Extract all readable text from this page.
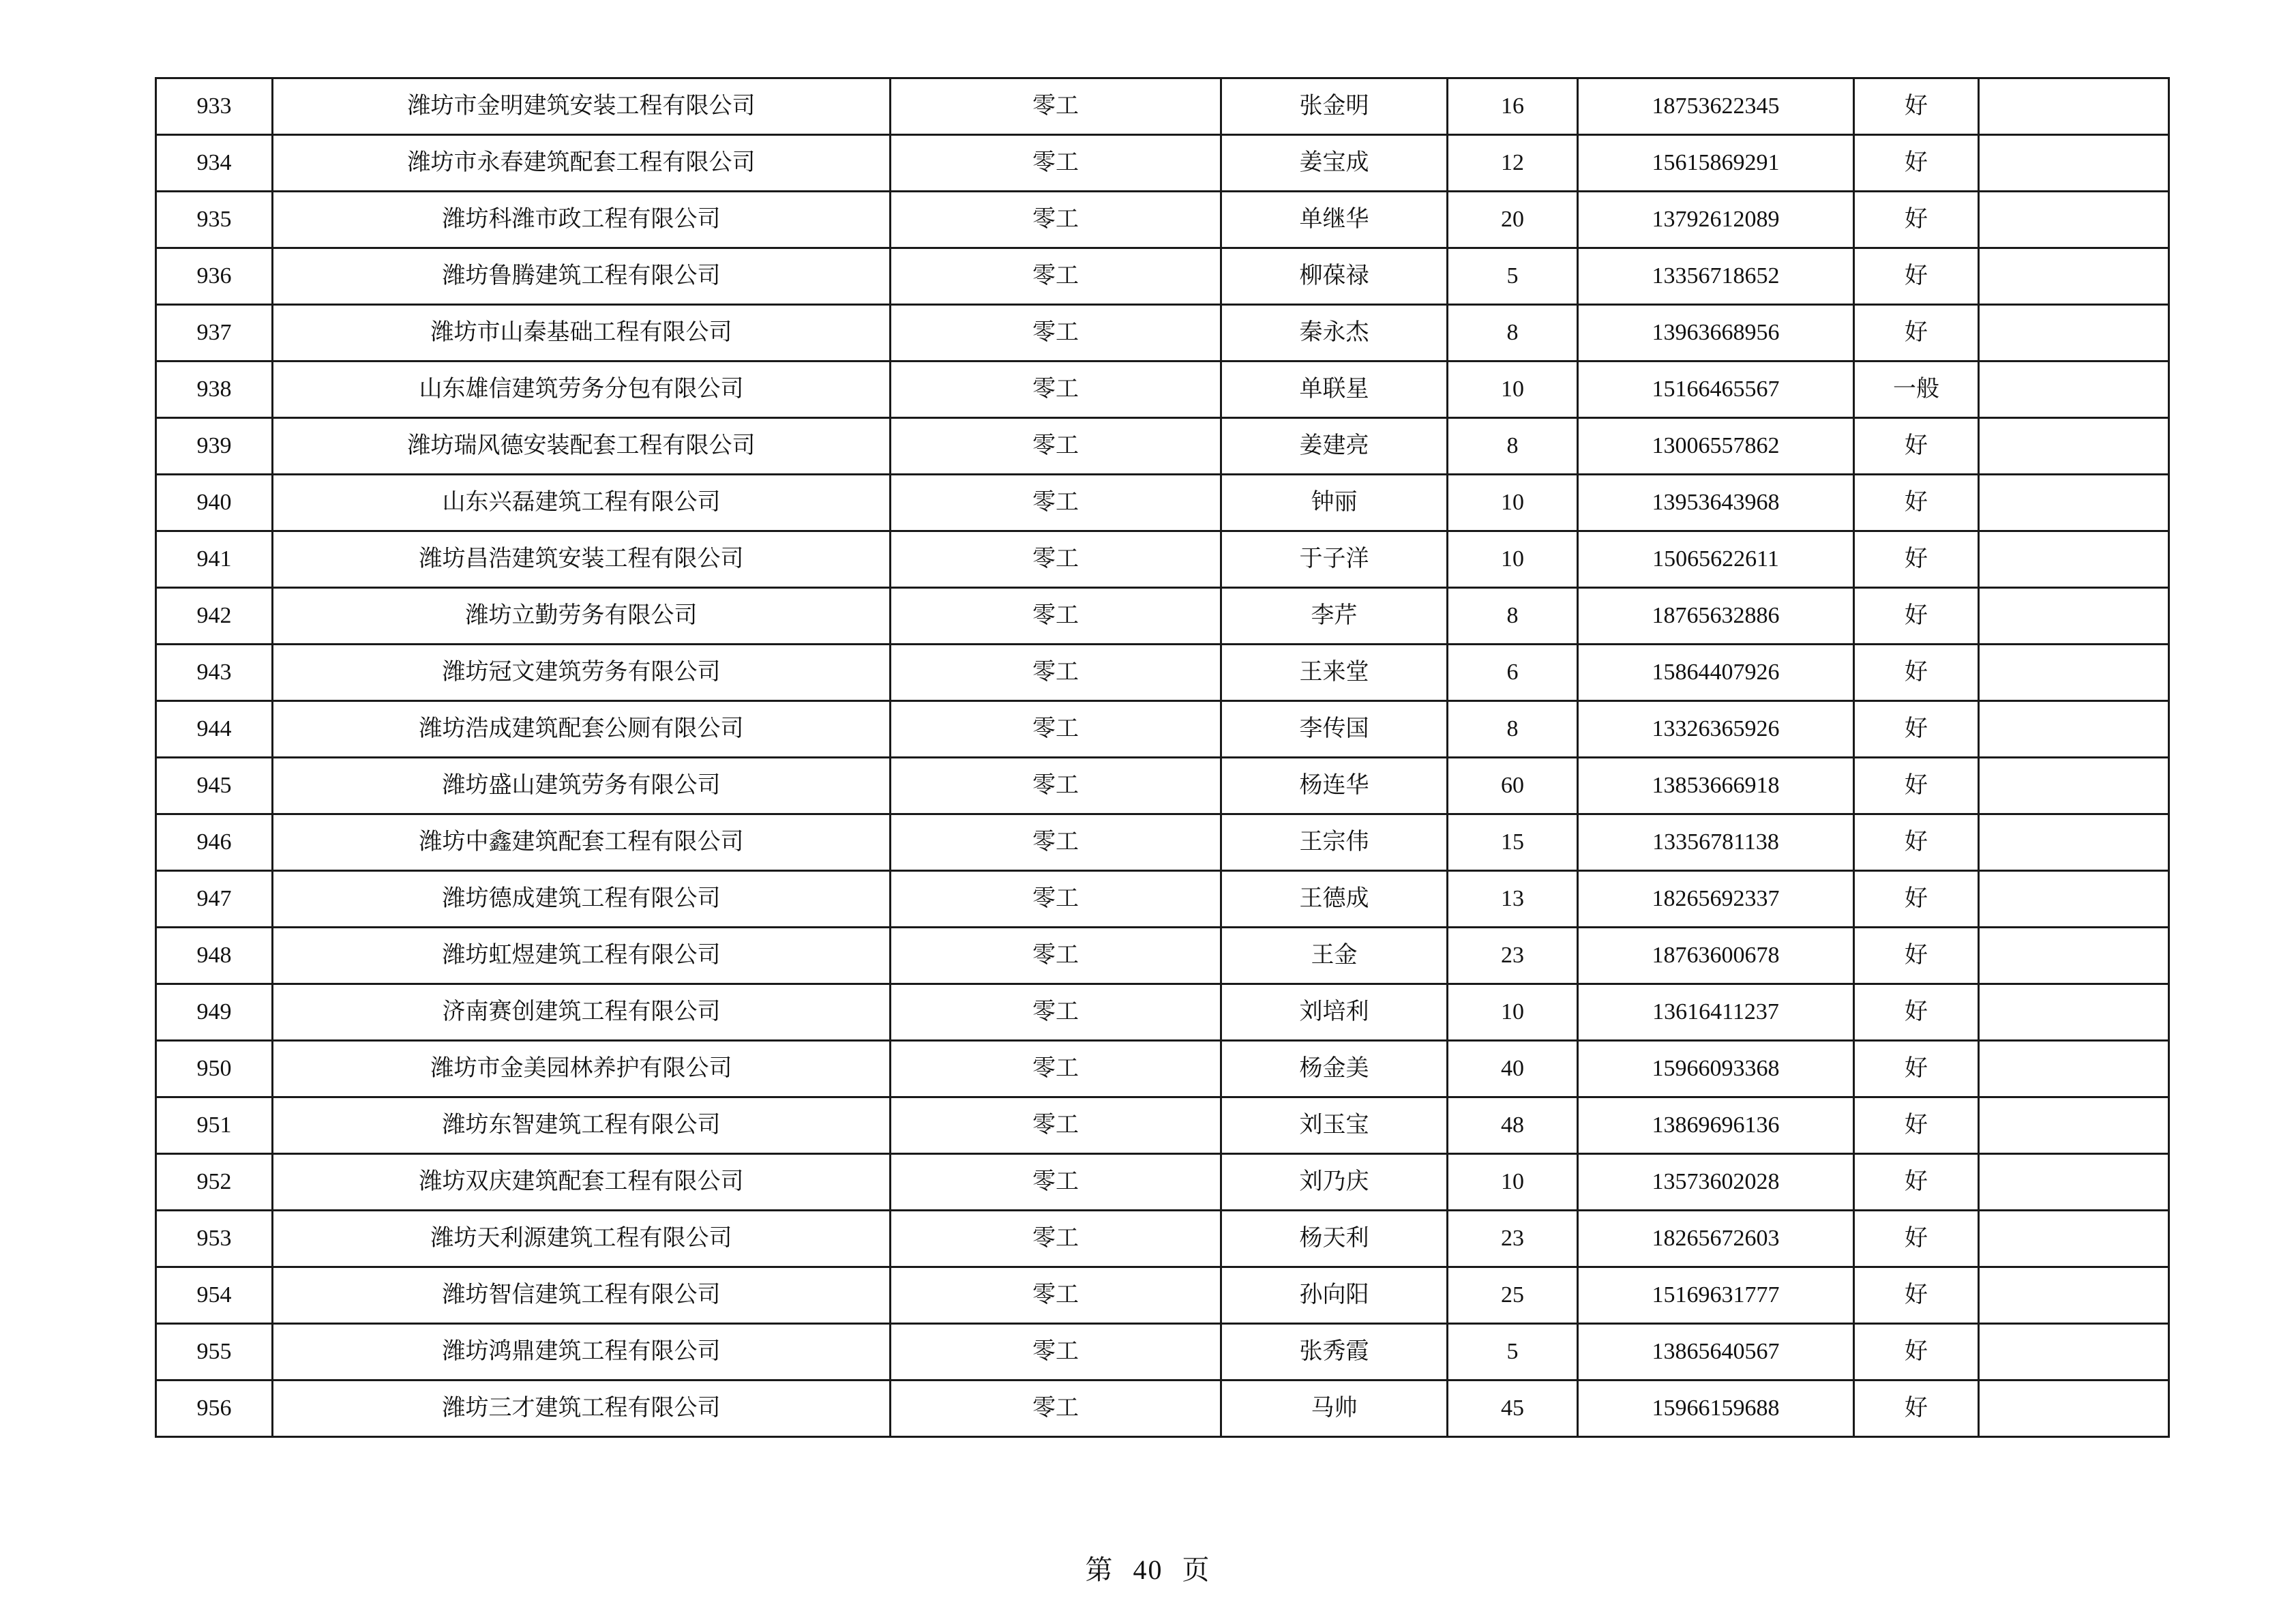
933	潍坊市金明建筑安装工程有限公司	零工	张金明	16	18753622345	好	
934	潍坊市永春建筑配套工程有限公司	零工	姜宝成	12	15615869291	好	
935	潍坊科潍市政工程有限公司	零工	单继华	20	13792612089	好	
936	潍坊鲁腾建筑工程有限公司	零工	柳葆禄	5	13356718652	好	
937	潍坊市山秦基础工程有限公司	零工	秦永杰	8	13963668956	好	
938	山东雄信建筑劳务分包有限公司	零工	单联星	10	15166465567	一般	
939	潍坊瑞风德安装配套工程有限公司	零工	姜建亮	8	13006557862	好	
940	山东兴磊建筑工程有限公司	零工	钟丽	10	13953643968	好	
941	潍坊昌浩建筑安装工程有限公司	零工	于子洋	10	15065622611	好	
942	潍坊立勤劳务有限公司	零工	李芹	8	18765632886	好	
943	潍坊冠文建筑劳务有限公司	零工	王来堂	6	15864407926	好	
944	潍坊浩成建筑配套公厕有限公司	零工	李传国	8	13326365926	好	
945	潍坊盛山建筑劳务有限公司	零工	杨连华	60	13853666918	好	
946	潍坊中鑫建筑配套工程有限公司	零工	王宗伟	15	13356781138	好	
947	潍坊德成建筑工程有限公司	零工	王德成	13	18265692337	好	
948	潍坊虹煜建筑工程有限公司	零工	王金	23	18763600678	好	
949	济南赛创建筑工程有限公司	零工	刘培利	10	13616411237	好	
950	潍坊市金美园林养护有限公司	零工	杨金美	40	15966093368	好	
951	潍坊东智建筑工程有限公司	零工	刘玉宝	48	13869696136	好	
952	潍坊双庆建筑配套工程有限公司	零工	刘乃庆	10	13573602028	好	
953	潍坊天利源建筑工程有限公司	零工	杨天利	23	18265672603	好	
954	潍坊智信建筑工程有限公司	零工	孙向阳	25	15169631777	好	
955	潍坊鸿鼎建筑工程有限公司	零工	张秀霞	5	13865640567	好	
956	潍坊三才建筑工程有限公司	零工	马帅	45	15966159688	好	
第 40 页
